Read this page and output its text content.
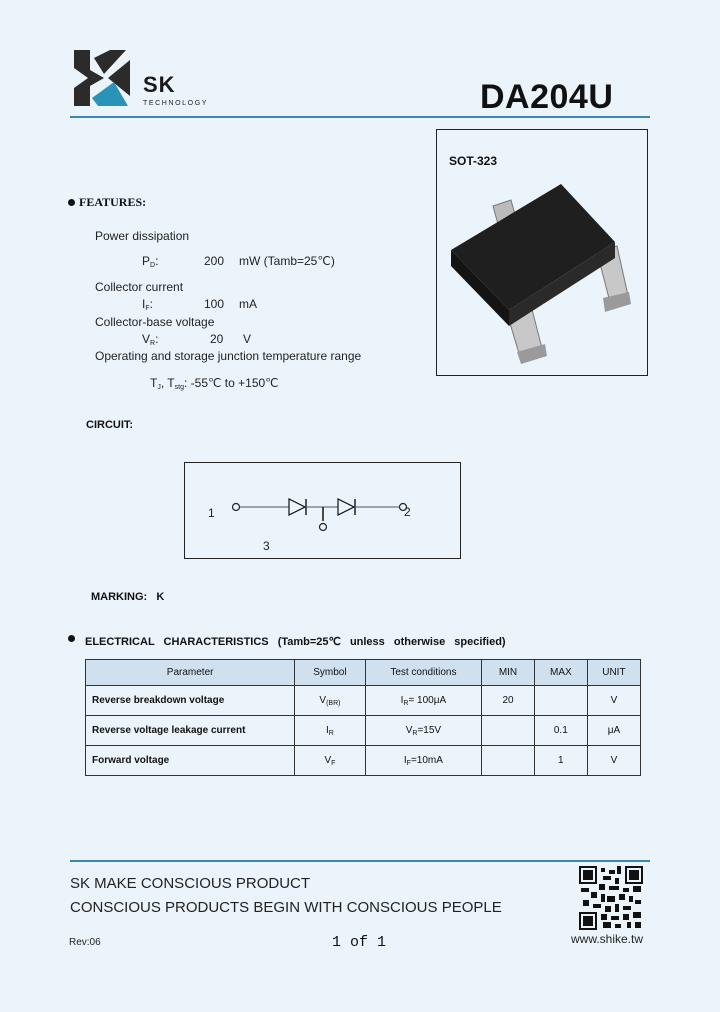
SK
TECHNOLOGY	DA204U
SOT-323
FEATURES:
Power dissipation
$P_D$:	200 mW (Tamb=25℃)
Collector current
$I_F$:	100 mA
Collector-base voltage
$V_R$:	20 V
Operating and storage junction temperature range
$T_J$, $T_{stg}$: -55℃ to +150℃
CIRCUIT:
1	2
3
MARKING: K
ELECTRICAL CHARACTERISTICS (Tamb=25℃ unless otherwise specified)
Parameter	Symbol	Test conditions	MIN	MAX	UNIT
Reverse breakdown voltage	$V_{(BR)}$	$I_R= 100\mu A$	20		V
Reverse voltage leakage current	$I_R$	$V_R=15V$		0.1	μA
Forward voltage	$V_F$	$I_F=10mA$		1	V
SK MAKE CONSCIOUS PRODUCT
CONSCIOUS PRODUCTS BEGIN WITH CONSCIOUS PEOPLE
Rev:06	1 of 1	www.shike.tw
